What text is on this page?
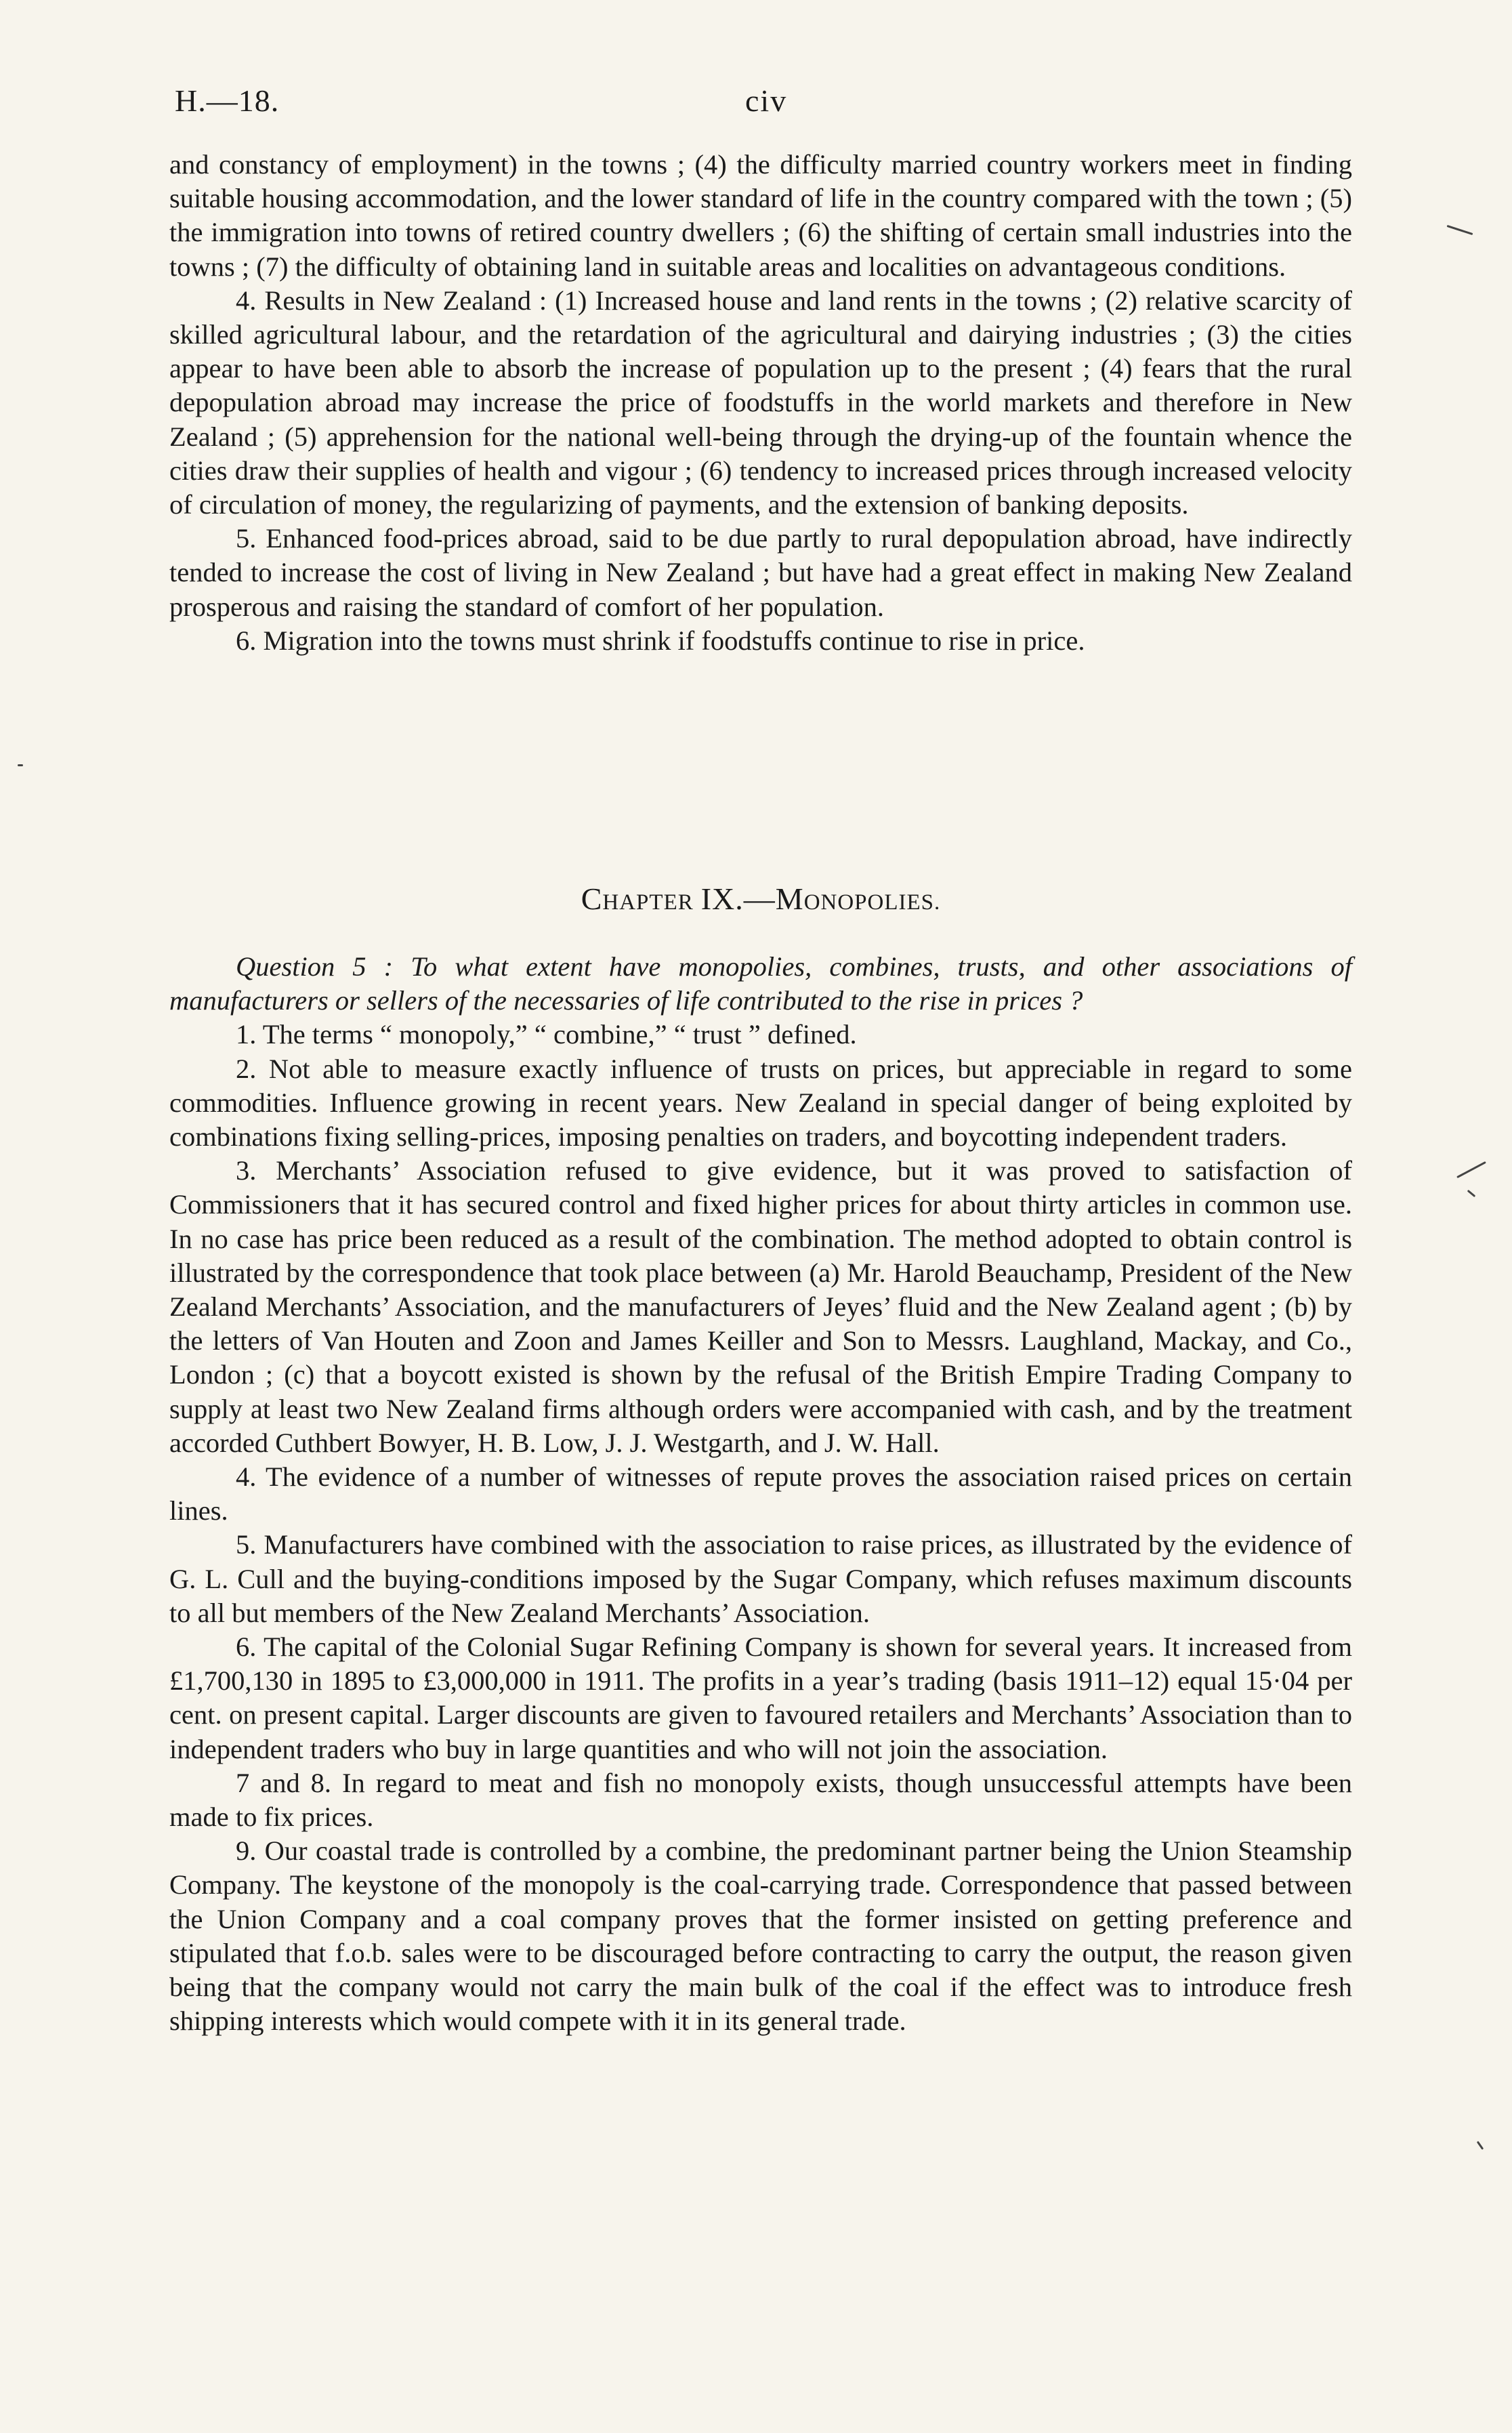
H.—18.	civ

and constancy of employment) in the towns ; (4) the difficulty married country workers meet in finding suitable housing accommodation, and the lower standard of life in the country compared with the town ; (5) the immigration into towns of retired country dwellers ; (6) the shifting of certain small industries into the towns ; (7) the difficulty of obtaining land in suitable areas and localities on advantageous conditions.

4. Results in New Zealand : (1) Increased house and land rents in the towns ; (2) relative scarcity of skilled agricultural labour, and the retardation of the agricultural and dairying industries ; (3) the cities appear to have been able to absorb the increase of population up to the present ; (4) fears that the rural depopulation abroad may increase the price of foodstuffs in the world markets and therefore in New Zealand ; (5) apprehension for the national well-being through the drying-up of the fountain whence the cities draw their supplies of health and vigour ; (6) tendency to increased prices through increased velocity of circulation of money, the regularizing of payments, and the extension of banking deposits.

5. Enhanced food-prices abroad, said to be due partly to rural depopulation abroad, have indirectly tended to increase the cost of living in New Zealand ; but have had a great effect in making New Zealand prosperous and raising the standard of comfort of her population.

6. Migration into the towns must shrink if foodstuffs continue to rise in price.

CHAPTER IX.—MONOPOLIES.

Question 5 : To what extent have monopolies, combines, trusts, and other associations of manufacturers or sellers of the necessaries of life contributed to the rise in prices ?

1. The terms “ monopoly,” “ combine,” “ trust ” defined.

2. Not able to measure exactly influence of trusts on prices, but appreciable in regard to some commodities. Influence growing in recent years. New Zealand in special danger of being exploited by combinations fixing selling-prices, imposing penalties on traders, and boycotting independent traders.

3. Merchants’ Association refused to give evidence, but it was proved to satisfaction of Commissioners that it has secured control and fixed higher prices for about thirty articles in common use. In no case has price been reduced as a result of the combination. The method adopted to obtain control is illustrated by the correspondence that took place between (a) Mr. Harold Beauchamp, President of the New Zealand Merchants’ Association, and the manufacturers of Jeyes’ fluid and the New Zealand agent ; (b) by the letters of Van Houten and Zoon and James Keiller and Son to Messrs. Laughland, Mackay, and Co., London ; (c) that a boycott existed is shown by the refusal of the British Empire Trading Company to supply at least two New Zealand firms although orders were accompanied with cash, and by the treatment accorded Cuthbert Bowyer, H. B. Low, J. J. Westgarth, and J. W. Hall.

4. The evidence of a number of witnesses of repute proves the association raised prices on certain lines.

5. Manufacturers have combined with the association to raise prices, as illustrated by the evidence of G. L. Cull and the buying-conditions imposed by the Sugar Company, which refuses maximum discounts to all but members of the New Zealand Merchants’ Association.

6. The capital of the Colonial Sugar Refining Company is shown for several years. It increased from £1,700,130 in 1895 to £3,000,000 in 1911. The profits in a year’s trading (basis 1911–12) equal 15·04 per cent. on present capital. Larger discounts are given to favoured retailers and Merchants’ Association than to independent traders who buy in large quantities and who will not join the association.

7 and 8. In regard to meat and fish no monopoly exists, though unsuccessful attempts have been made to fix prices.

9. Our coastal trade is controlled by a combine, the predominant partner being the Union Steamship Company. The keystone of the monopoly is the coal-carrying trade. Correspondence that passed between the Union Company and a coal company proves that the former insisted on getting preference and stipulated that f.o.b. sales were to be discouraged before contracting to carry the output, the reason given being that the company would not carry the main bulk of the coal if the effect was to introduce fresh shipping interests which would compete with it in its general trade.
